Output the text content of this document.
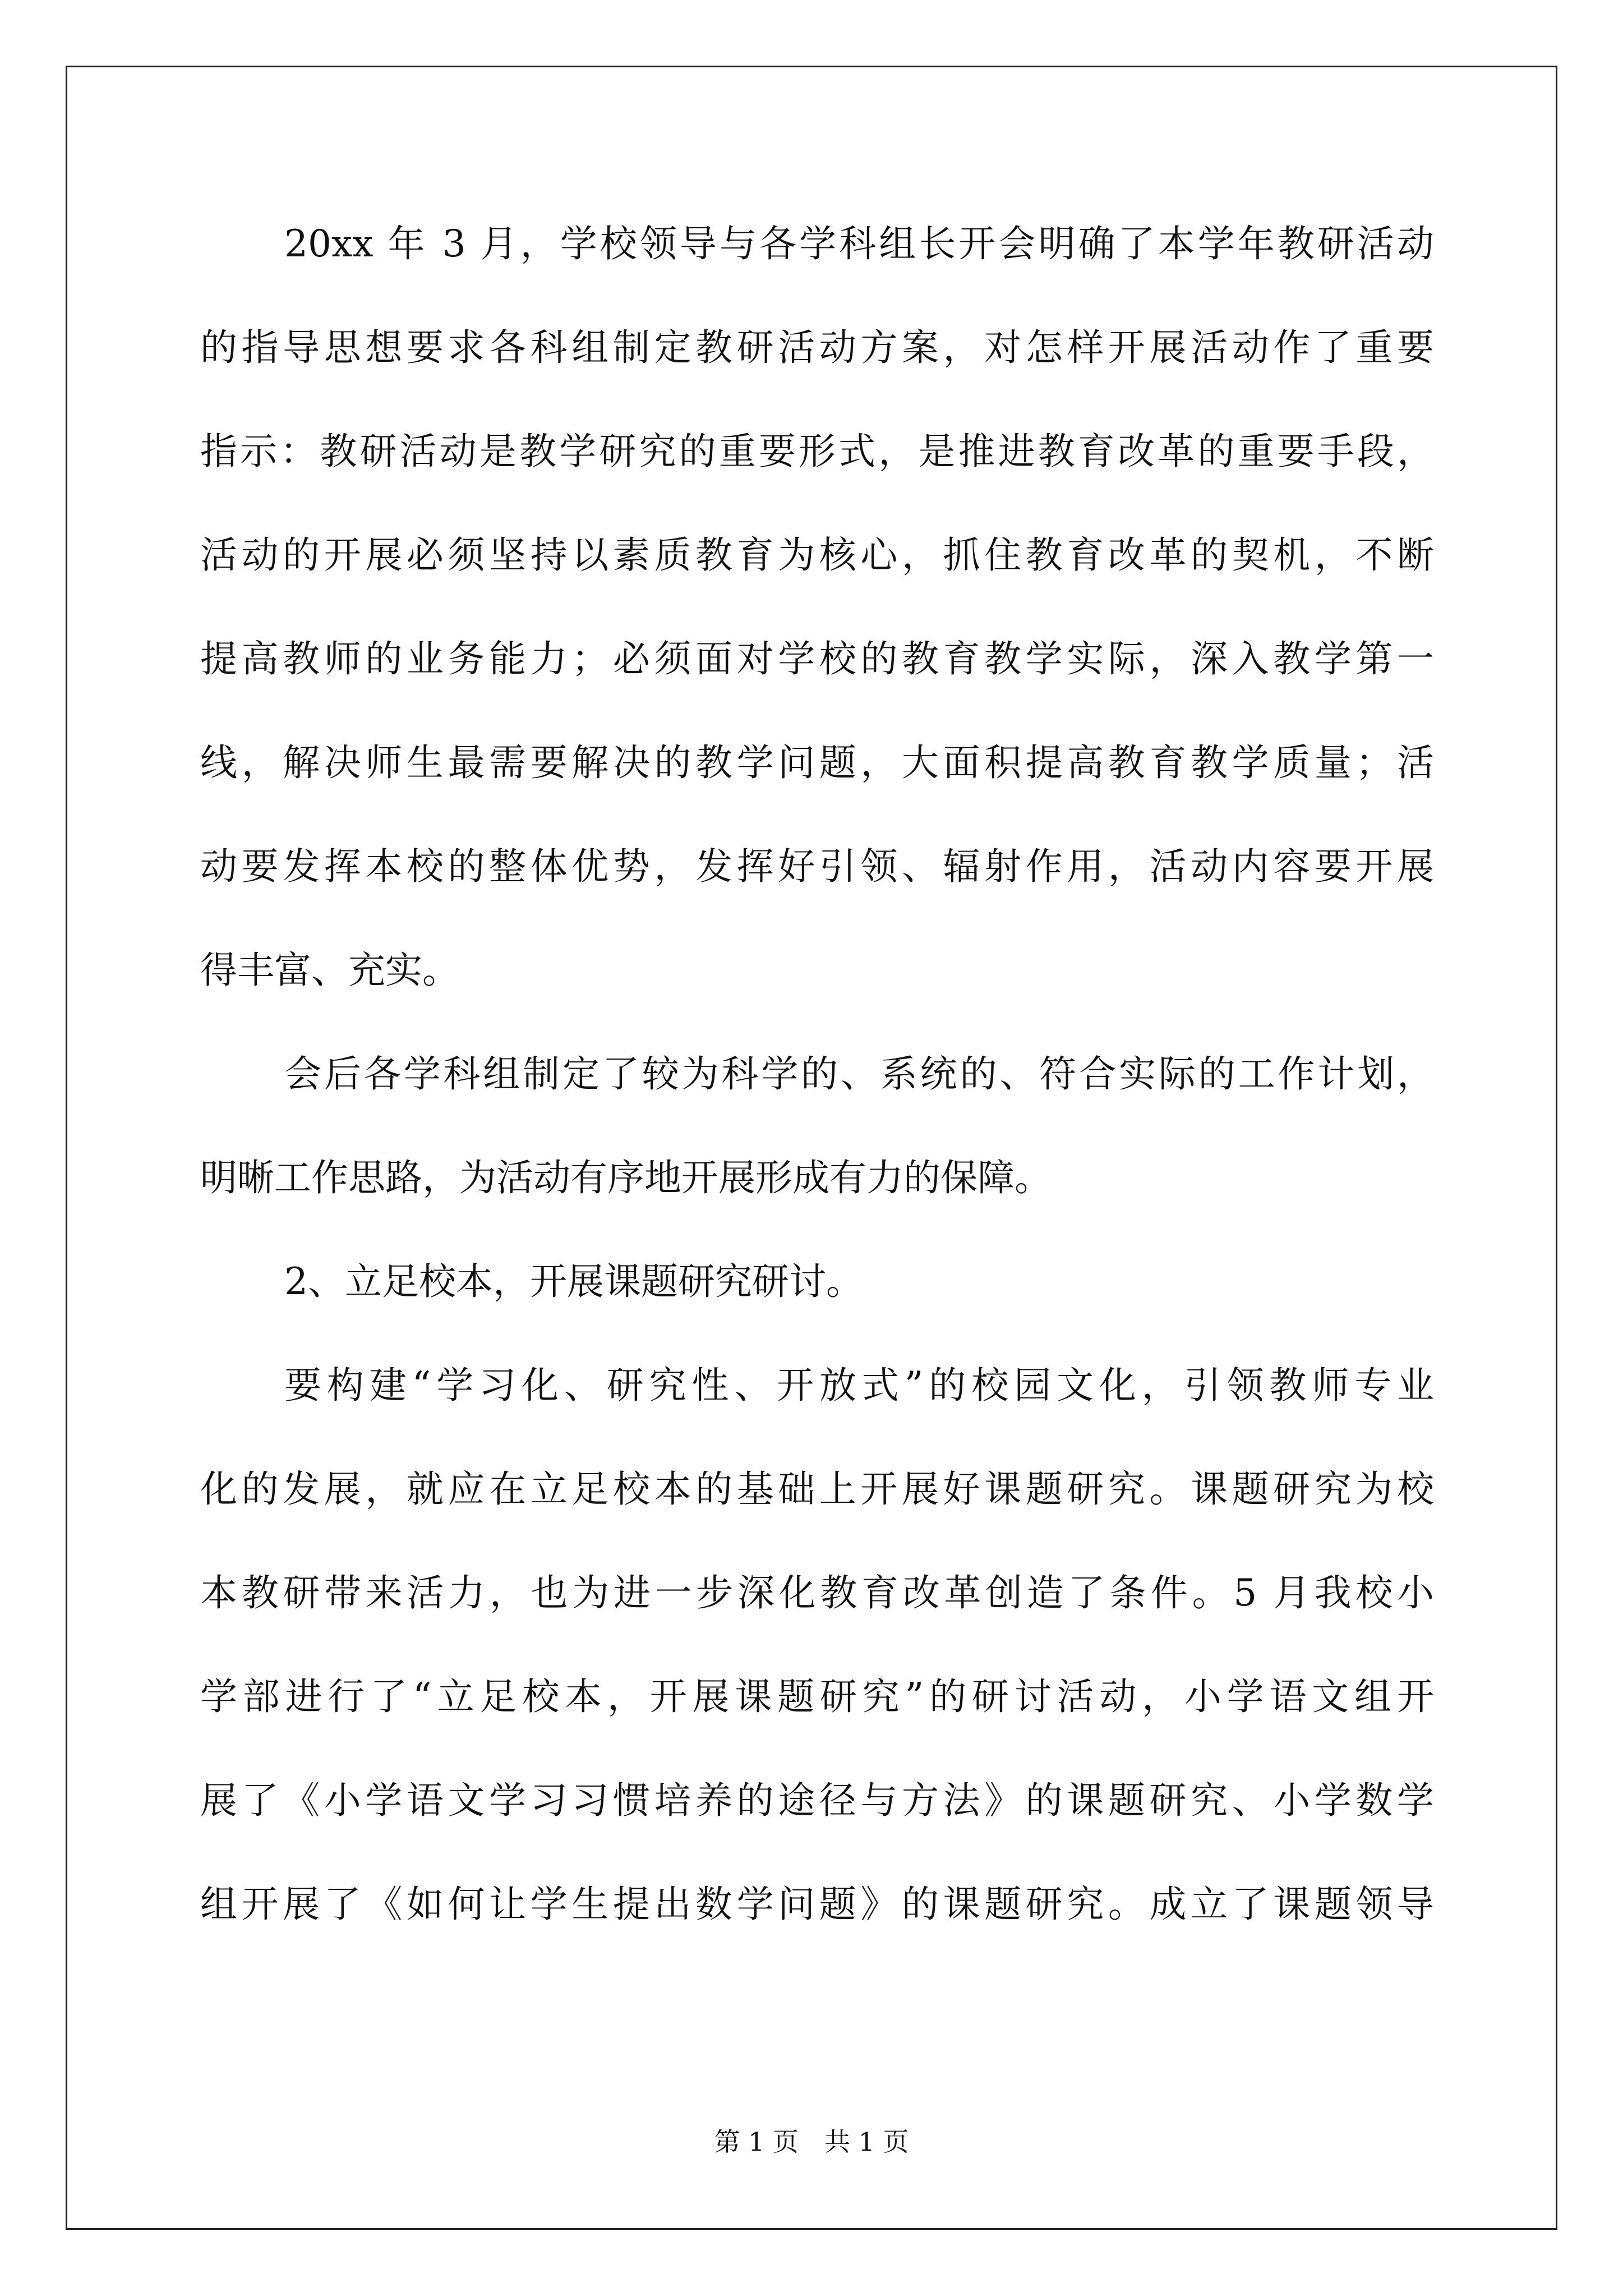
20xx 年 3 月，学校领导与各学科组长开会明确了本学年教研活动
的指导思想要求各科组制定教研活动方案，对怎样开展活动作了重要
指示：教研活动是教学研究的重要形式，是推进教育改革的重要手段，
活动的开展必须坚持以素质教育为核心，抓住教育改革的契机，不断
提高教师的业务能力；必须面对学校的教育教学实际，深入教学第一
线，解决师生最需要解决的教学问题，大面积提高教育教学质量；活
动要发挥本校的整体优势，发挥好引领、辐射作用，活动内容要开展
得丰富、充实。
会后各学科组制定了较为科学的、系统的、符合实际的工作计划，
明晰工作思路，为活动有序地开展形成有力的保障。
2、立足校本，开展课题研究研讨。
要构建“学习化、研究性、开放式”的校园文化，引领教师专业
化的发展，就应在立足校本的基础上开展好课题研究。课题研究为校
本教研带来活力，也为进一步深化教育改革创造了条件。5 月我校小
学部进行了“立足校本，开展课题研究”的研讨活动，小学语文组开
展了《小学语文学习习惯培养的途径与方法》的课题研究、小学数学
组开展了《如何让学生提出数学问题》的课题研究。成立了课题领导
第 1 页　共 1 页
